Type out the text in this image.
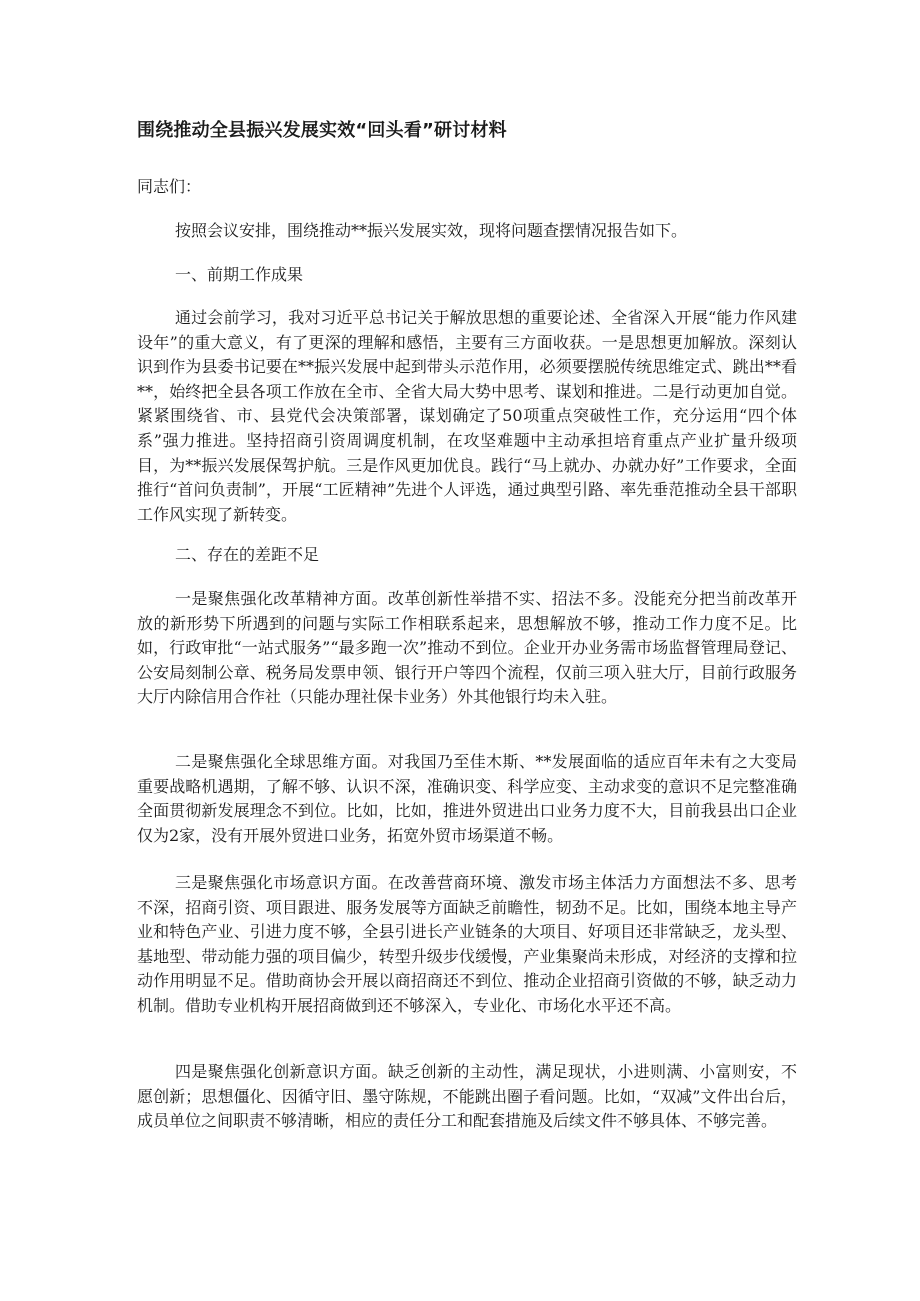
围绕推动全县振兴发展实效“回头看”研讨材料
同志们：
按照会议安排，围绕推动**振兴发展实效，现将问题查摆情况报告如下。
一、前期工作成果
通过会前学习，我对习近平总书记关于解放思想的重要论述、全省深入开展“能力作风建设年”的重大意义，有了更深的理解和感悟，主要有三方面收获。一是思想更加解放。深刻认识到作为县委书记要在**振兴发展中起到带头示范作用，必须要摆脱传统思维定式、跳出**看**，始终把全县各项工作放在全市、全省大局大势中思考、谋划和推进。二是行动更加自觉。紧紧围绕省、市、县党代会决策部署，谋划确定了50项重点突破性工作，充分运用“四个体系”强力推进。坚持招商引资周调度机制，在攻坚难题中主动承担培育重点产业扩量升级项目，为**振兴发展保驾护航。三是作风更加优良。践行“马上就办、办就办好”工作要求，全面推行“首问负责制”，开展“工匠精神”先进个人评选，通过典型引路、率先垂范推动全县干部职工作风实现了新转变。
二、存在的差距不足
一是聚焦强化改革精神方面。改革创新性举措不实、招法不多。没能充分把当前改革开放的新形势下所遇到的问题与实际工作相联系起来，思想解放不够，推动工作力度不足。比如，行政审批“一站式服务”“最多跑一次”推动不到位。企业开办业务需市场监督管理局登记、公安局刻制公章、税务局发票申领、银行开户等四个流程，仅前三项入驻大厅，目前行政服务大厅内除信用合作社（只能办理社保卡业务）外其他银行均未入驻。
二是聚焦强化全球思维方面。对我国乃至佳木斯、**发展面临的适应百年未有之大变局重要战略机遇期，了解不够、认识不深，准确识变、科学应变、主动求变的意识不足完整准确全面贯彻新发展理念不到位。比如，比如，推进外贸进出口业务力度不大，目前我县出口企业仅为2家，没有开展外贸进口业务，拓宽外贸市场渠道不畅。
三是聚焦强化市场意识方面。在改善营商环境、激发市场主体活力方面想法不多、思考不深，招商引资、项目跟进、服务发展等方面缺乏前瞻性，韧劲不足。比如，围绕本地主导产业和特色产业、引进力度不够，全县引进长产业链条的大项目、好项目还非常缺乏，龙头型、基地型、带动能力强的项目偏少，转型升级步伐缓慢，产业集聚尚未形成，对经济的支撑和拉动作用明显不足。借助商协会开展以商招商还不到位、推动企业招商引资做的不够，缺乏动力机制。借助专业机构开展招商做到还不够深入，专业化、市场化水平还不高。
四是聚焦强化创新意识方面。缺乏创新的主动性，满足现状，小进则满、小富则安，不愿创新；思想僵化、因循守旧、墨守陈规，不能跳出圈子看问题。比如，“双减”文件出台后，成员单位之间职责不够清晰，相应的责任分工和配套措施及后续文件不够具体、不够完善。
